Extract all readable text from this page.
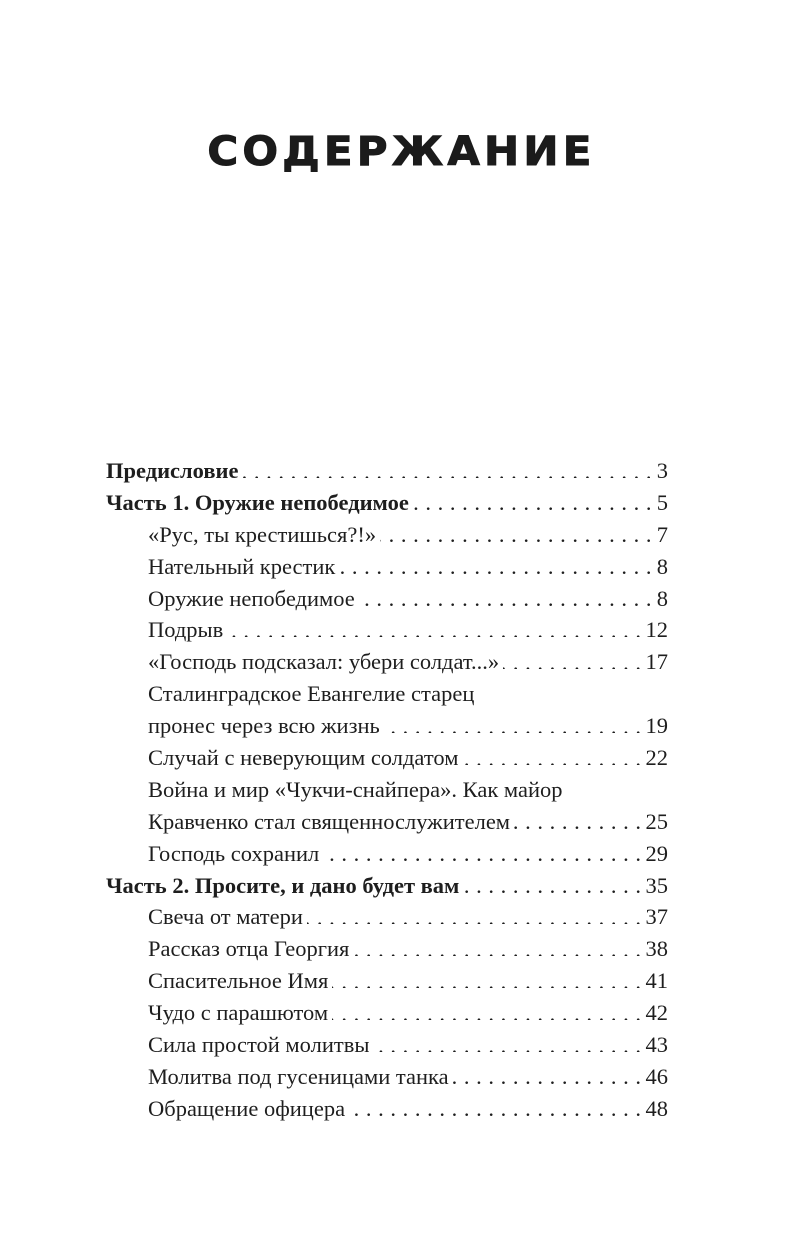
СОДЕРЖАНИЕ
Предисловие . . .	3
Часть 1. Оружие непобедимое . . .	5
«Рус, ты крестишься?!» . . .	7
Нательный крестик . . .	8
Оружие непобедимое . . .	8
Подрыв . . .	12
«Господь подсказал: убери солдат...» . . .	17
Сталинградское Евангелие старец
пронес через всю жизнь . . .	19
Случай с неверующим солдатом . . .	22
Война и мир «Чукчи-снайпера». Как майор
Кравченко стал священнослужителем . . .	25
Господь сохранил . . .	29
Часть 2. Просите, и дано будет вам . . .	35
Свеча от матери . . .	37
Рассказ отца Георгия . . .	38
Спасительное Имя . . .	41
Чудо с парашютом . . .	42
Сила простой молитвы . . .	43
Молитва под гусеницами танка . . .	46
Обращение офицера . . .	48
